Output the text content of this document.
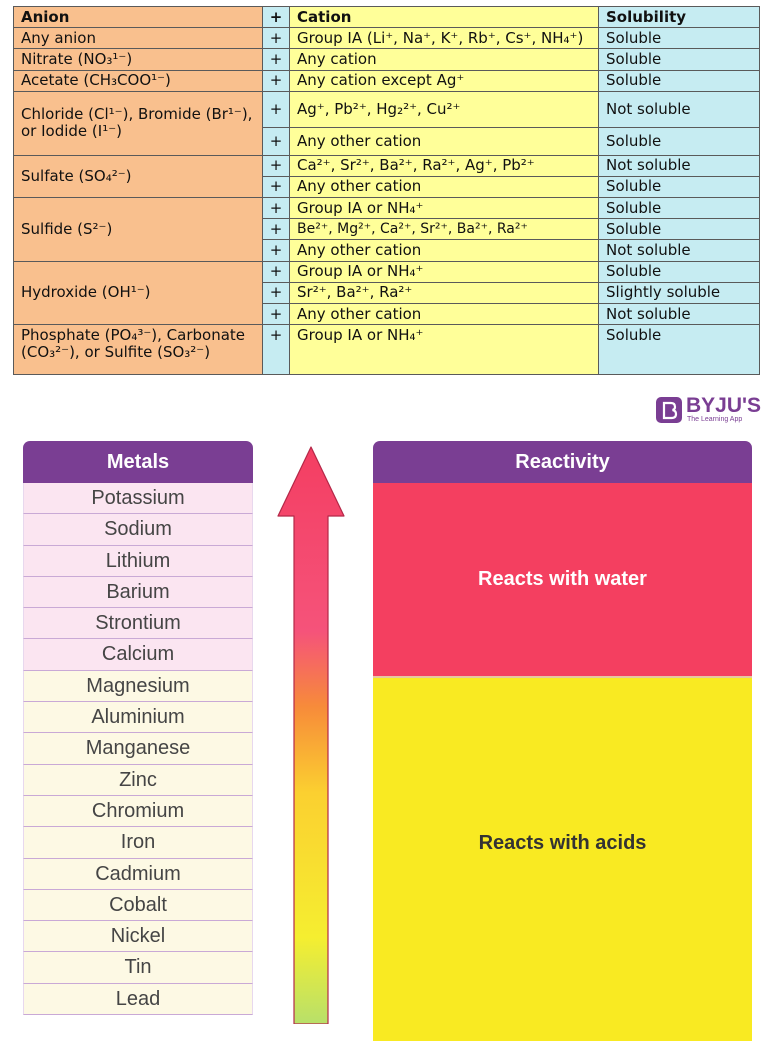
Anion	+	Cation	Solubility
Any anion	+	Group IA (Li⁺, Na⁺, K⁺, Rb⁺, Cs⁺, NH₄⁺)	Soluble
Nitrate (NO₃¹⁻)	+	Any cation	Soluble
Acetate (CH₃COO¹⁻)	+	Any cation except Ag⁺	Soluble
Chloride (Cl¹⁻), Bromide (Br¹⁻), or Iodide (I¹⁻)	+	Ag⁺, Pb²⁺, Hg₂²⁺, Cu²⁺	Not soluble
	+	Any other cation	Soluble
Sulfate (SO₄²⁻)	+	Ca²⁺, Sr²⁺, Ba²⁺, Ra²⁺, Ag⁺, Pb²⁺	Not soluble
	+	Any other cation	Soluble
Sulfide (S²⁻)	+	Group IA or NH₄⁺	Soluble
	+	Be²⁺, Mg²⁺, Ca²⁺, Sr²⁺, Ba²⁺, Ra²⁺	Soluble
	+	Any other cation	Not soluble
Hydroxide (OH¹⁻)	+	Group IA or NH₄⁺	Soluble
	+	Sr²⁺, Ba²⁺, Ra²⁺	Slightly soluble
	+	Any other cation	Not soluble
Phosphate (PO₄³⁻), Carbonate (CO₃²⁻), or Sulfite (SO₃²⁻)	+	Group IA or NH₄⁺	Soluble
BYJU'S
The Learning App
Metals
Potassium
Sodium
Lithium
Barium
Strontium
Calcium
Magnesium
Aluminium
Manganese
Zinc
Chromium
Iron
Cadmium
Cobalt
Nickel
Tin
Lead
Reactivity
Reacts with water
Reacts with acids
